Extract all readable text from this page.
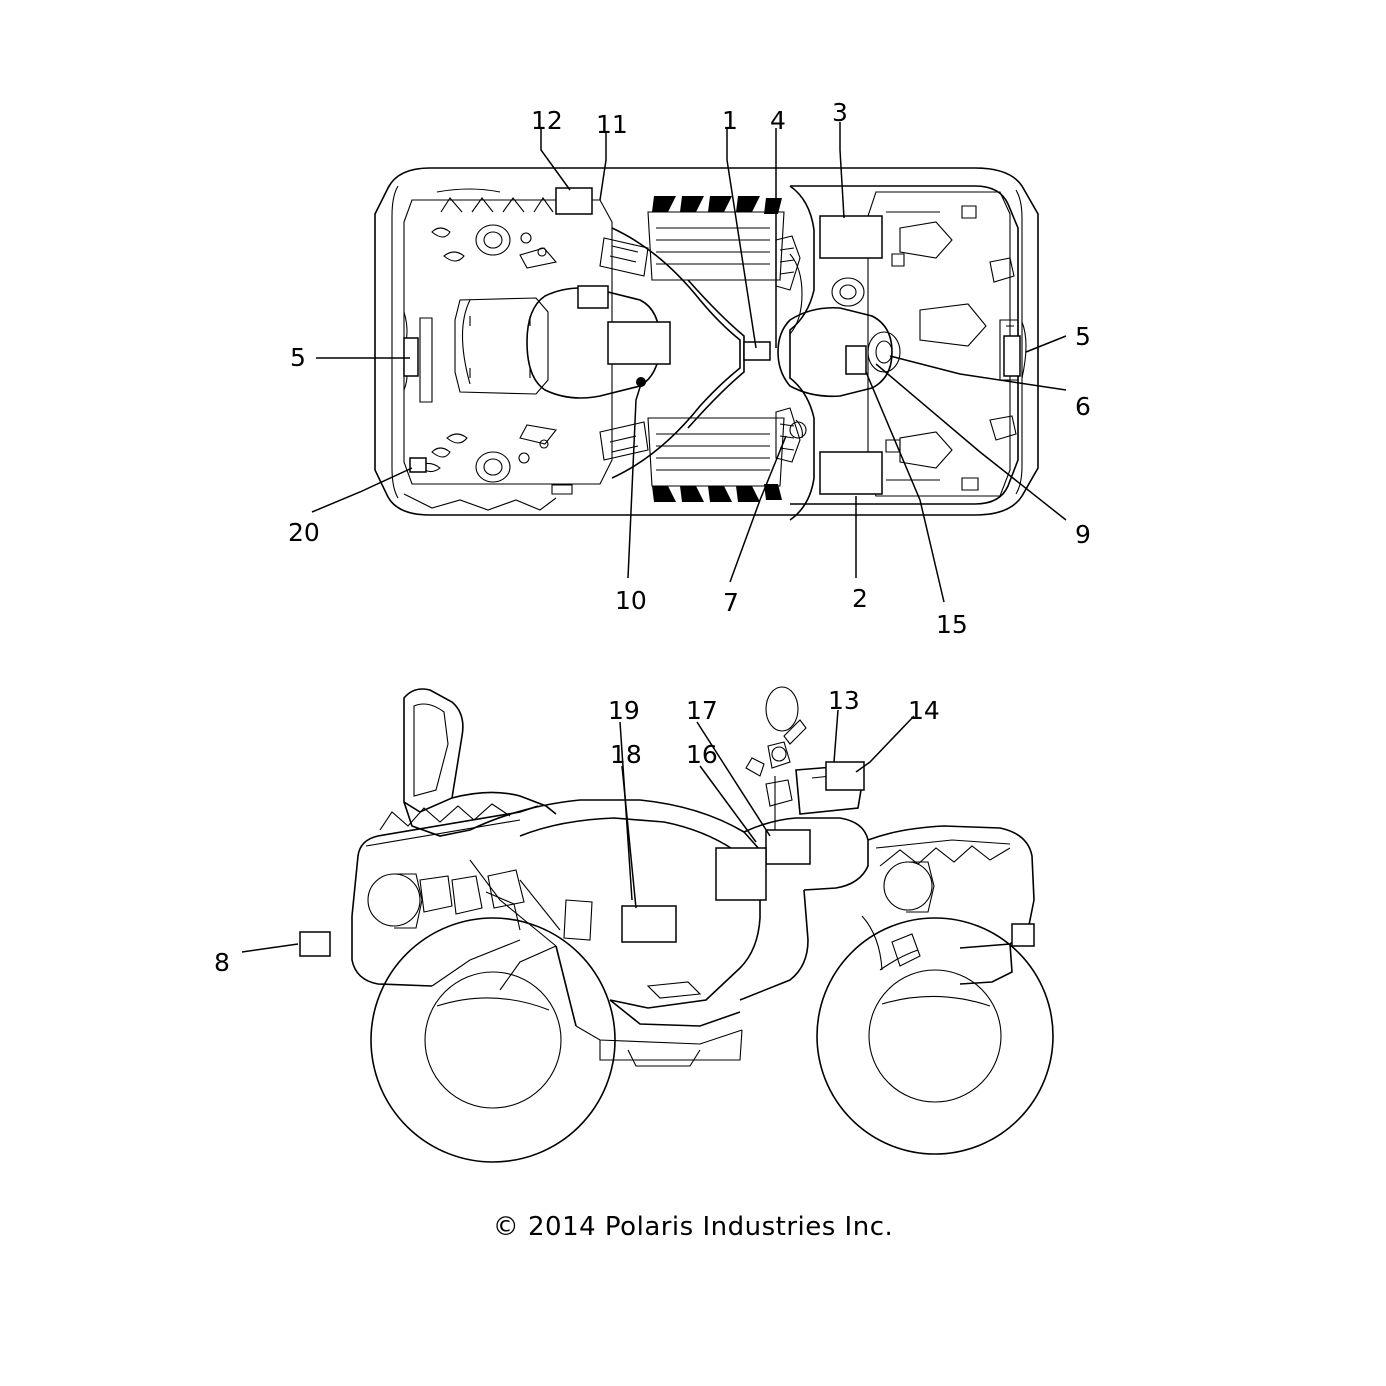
12 11	1 4 3
5
6
9
15
2
7
10
20
5
19 17	13 14
18 16
8
© 2014 Polaris Industries Inc.
